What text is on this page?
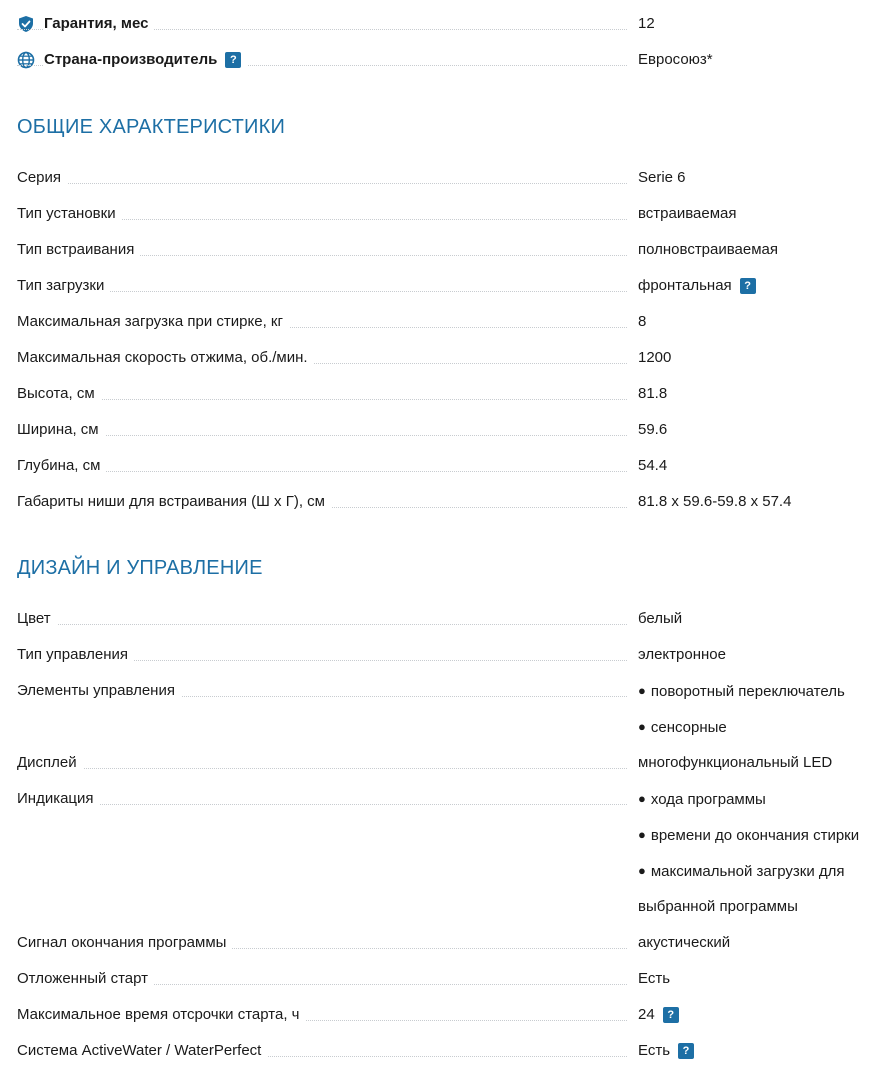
Гарантия, мес	12
Страна-производитель ?	Евросоюз*
ОБЩИЕ ХАРАКТЕРИСТИКИ
Серия	Serie 6
Тип установки	встраиваемая
Тип встраивания	полновстраиваемая
Тип загрузки	фронтальная ?
Максимальная загрузка при стирке, кг	8
Максимальная скорость отжима, об./мин.	1200
Высота, см	81.8
Ширина, см	59.6
Глубина, см	54.4
Габариты ниши для встраивания (Ш х Г), см	81.8 x 59.6-59.8 x 57.4
ДИЗАЙН И УПРАВЛЕНИЕ
Цвет	белый
Тип управления	электронное
Элементы управления	● поворотный переключатель
● сенсорные
Дисплей	многофункциональный LED
Индикация	● хода программы
● времени до окончания стирки
● максимальной загрузки для
выбранной программы
Сигнал окончания программы	акустический
Отложенный старт	Есть
Максимальное время отсрочки старта, ч	24 ?
Система ActiveWater / WaterPerfect	Есть ?
